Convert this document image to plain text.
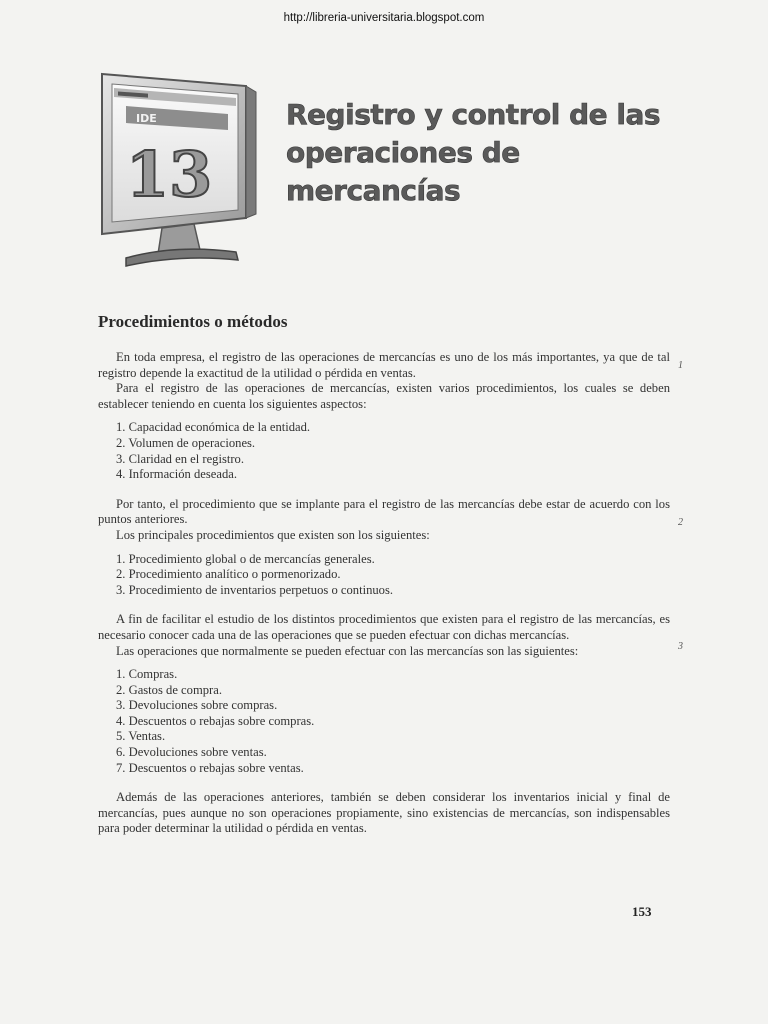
http://libreria-universitaria.blogspot.com
IDE
13
Registro y control de las
operaciones de
mercancías
Procedimientos o métodos

En toda empresa, el registro de las operaciones de mercancías es uno de los más importantes, ya que de tal registro depende la exactitud de la utilidad o pérdida en ventas.

Para el registro de las operaciones de mercancías, existen varios procedimientos, los cuales se deben establecer teniendo en cuenta los siguientes aspectos:

1. Capacidad económica de la entidad.
2. Volumen de operaciones.
3. Claridad en el registro.
4. Información deseada.

Por tanto, el procedimiento que se implante para el registro de las mercancías debe estar de acuerdo con los puntos anteriores.

Los principales procedimientos que existen son los siguientes:

1. Procedimiento global o de mercancías generales.
2. Procedimiento analítico o pormenorizado.
3. Procedimiento de inventarios perpetuos o continuos.

A fin de facilitar el estudio de los distintos procedimientos que existen para el registro de las mercancías, es necesario conocer cada una de las operaciones que se pueden efectuar con dichas mercancías.

Las operaciones que normalmente se pueden efectuar con las mercancías son las siguientes:

1. Compras.
2. Gastos de compra.
3. Devoluciones sobre compras.
4. Descuentos o rebajas sobre compras.
5. Ventas.
6. Devoluciones sobre ventas.
7. Descuentos o rebajas sobre ventas.

Además de las operaciones anteriores, también se deben considerar los inventarios inicial y final de mercancías, pues aunque no son operaciones propiamente, sino existencias de mercancías, son indispensables para poder determinar la utilidad o pérdida en ventas.

1
2
3
153
